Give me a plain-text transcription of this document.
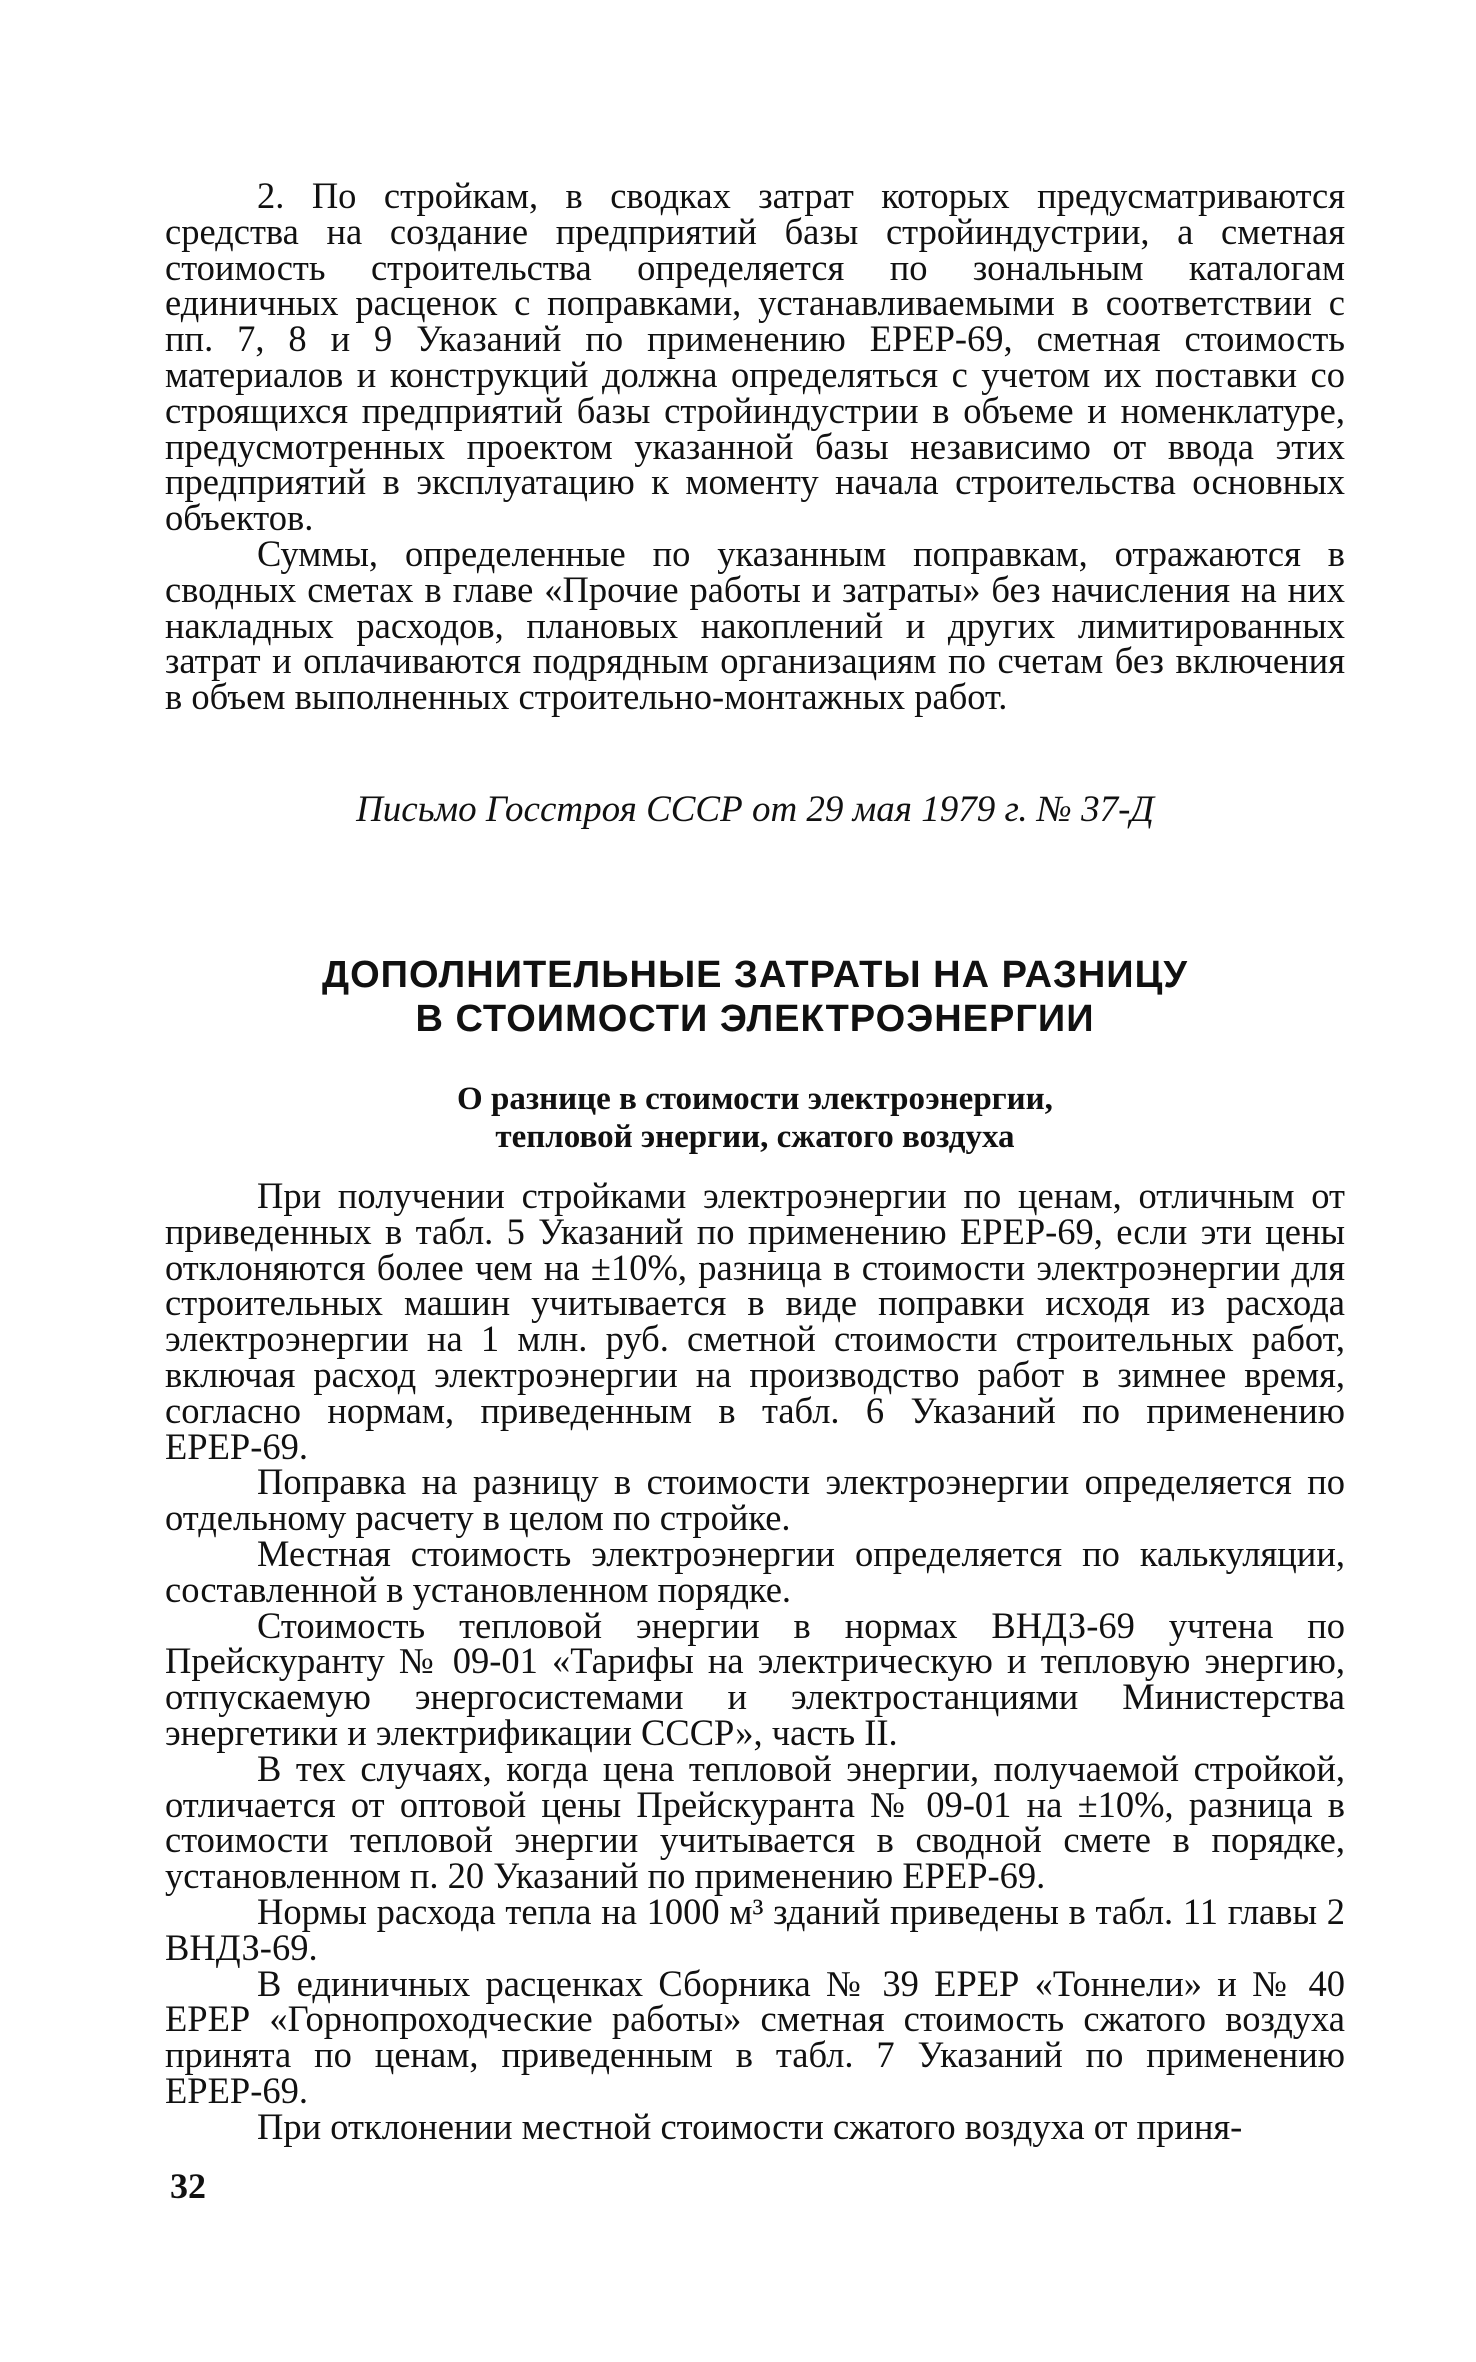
2. По стройкам, в сводках затрат которых предусматриваются средства на создание предприятий базы стройиндустрии, а сметная стоимость строительства определяется по зональным каталогам единичных расценок с поправками, устанавливаемыми в соответствии с пп. 7, 8 и 9 Указаний по применению ЕРЕР-69, сметная стоимость материалов и конструкций должна определяться с учетом их поставки со строящихся предприятий базы стройиндустрии в объеме и номенклатуре, предусмотренных проектом указанной базы независимо от ввода этих предприятий в эксплуатацию к моменту начала строительства основных объектов.

Суммы, определенные по указанным поправкам, отражаются в сводных сметах в главе «Прочие работы и затраты» без начисления на них накладных расходов, плановых накоплений и других лимитированных затрат и оплачиваются подрядным организациям по счетам без включения в объем выполненных строительно-монтажных работ.

Письмо Госстроя СССР от 29 мая 1979 г. № 37-Д
ДОПОЛНИТЕЛЬНЫЕ ЗАТРАТЫ НА РАЗНИЦУ
В СТОИМОСТИ ЭЛЕКТРОЭНЕРГИИ
О разнице в стоимости электроэнергии,
тепловой энергии, сжатого воздуха

При получении стройками электроэнергии по ценам, отличным от приведенных в табл. 5 Указаний по применению ЕРЕР-69, если эти цены отклоняются более чем на ±10%, разница в стоимости электроэнергии для строительных машин учитывается в виде поправки исходя из расхода электроэнергии на 1 млн. руб. сметной стоимости строительных работ, включая расход электроэнергии на производство работ в зимнее время, согласно нормам, приведенным в табл. 6 Указаний по применению ЕРЕР-69.

Поправка на разницу в стоимости электроэнергии определяется по отдельному расчету в целом по стройке.

Местная стоимость электроэнергии определяется по калькуляции, составленной в установленном порядке.

Стоимость тепловой энергии в нормах ВНДЗ-69 учтена по Прейскуранту № 09-01 «Тарифы на электрическую и тепловую энергию, отпускаемую энергосистемами и электростанциями Министерства энергетики и электрификации СССР», часть II.

В тех случаях, когда цена тепловой энергии, получаемой стройкой, отличается от оптовой цены Прейскуранта № 09-01 на ±10%, разница в стоимости тепловой энергии учитывается в сводной смете в порядке, установленном п. 20 Указаний по применению ЕРЕР-69.

Нормы расхода тепла на 1000 м³ зданий приведены в табл. 11 главы 2 ВНДЗ-69.

В единичных расценках Сборника № 39 ЕРЕР «Тоннели» и № 40 ЕРЕР «Горнопроходческие работы» сметная стоимость сжатого воздуха принята по ценам, приведенным в табл. 7 Указаний по применению ЕРЕР-69.

При отклонении местной стоимости сжатого воздуха от приня-

32
